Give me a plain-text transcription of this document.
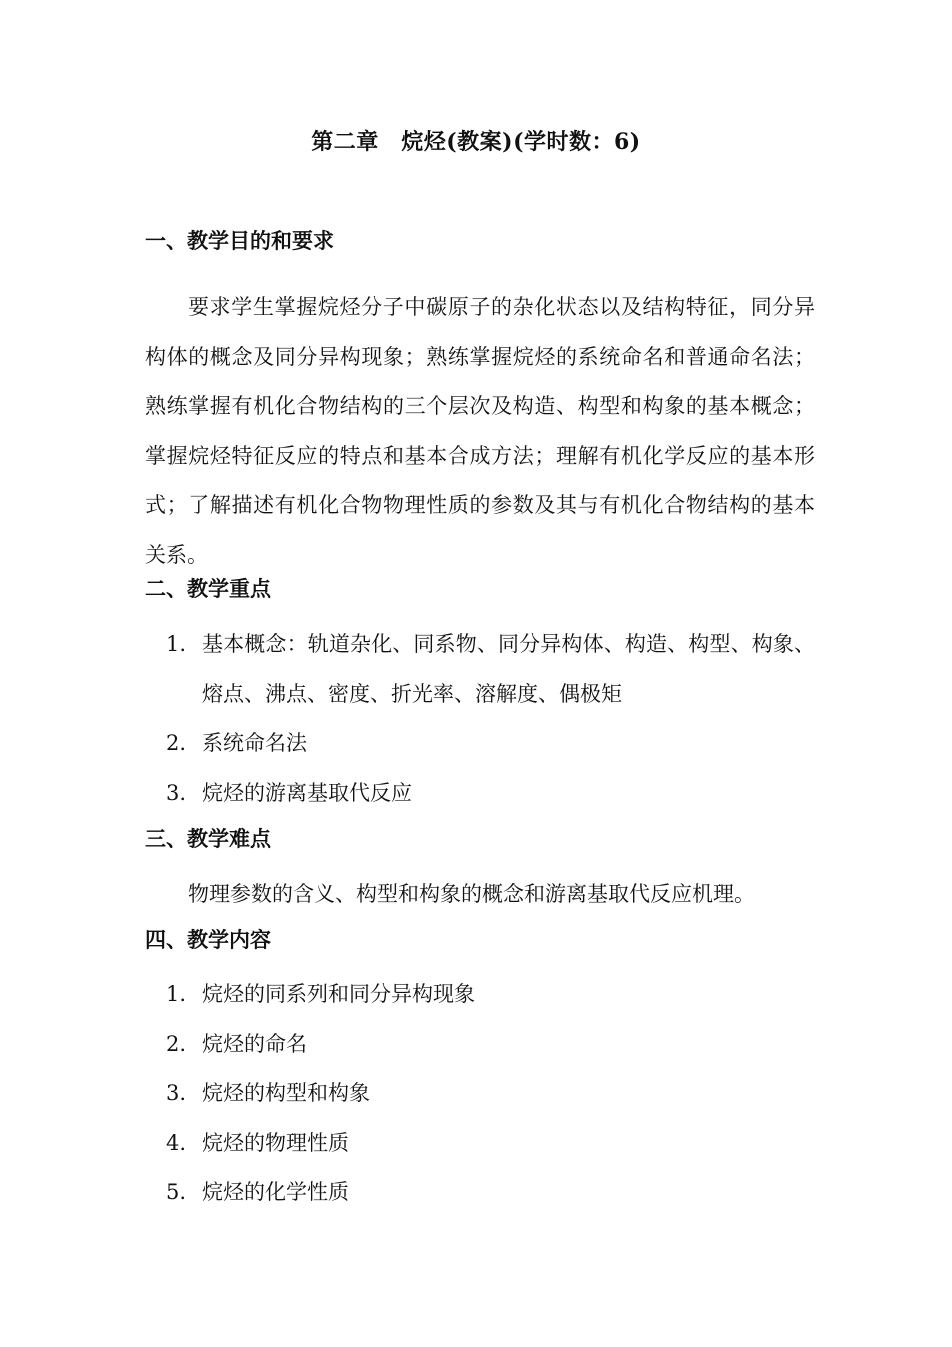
第二章　烷烃(教案)(学时数：6)
一、教学目的和要求
要求学生掌握烷烃分子中碳原子的杂化状态以及结构特征，同分异构体的概念及同分异构现象；熟练掌握烷烃的系统命名和普通命名法；熟练掌握有机化合物结构的三个层次及构造、构型和构象的基本概念；掌握烷烃特征反应的特点和基本合成方法；理解有机化学反应的基本形式；了解描述有机化合物物理性质的参数及其与有机化合物结构的基本关系。
二、教学重点
1. 基本概念：轨道杂化、同系物、同分异构体、构造、构型、构象、熔点、沸点、密度、折光率、溶解度、偶极矩
2. 系统命名法
3. 烷烃的游离基取代反应
三、教学难点
物理参数的含义、构型和构象的概念和游离基取代反应机理。
四、教学内容
1. 烷烃的同系列和同分异构现象
2. 烷烃的命名
3. 烷烃的构型和构象
4. 烷烃的物理性质
5. 烷烃的化学性质
